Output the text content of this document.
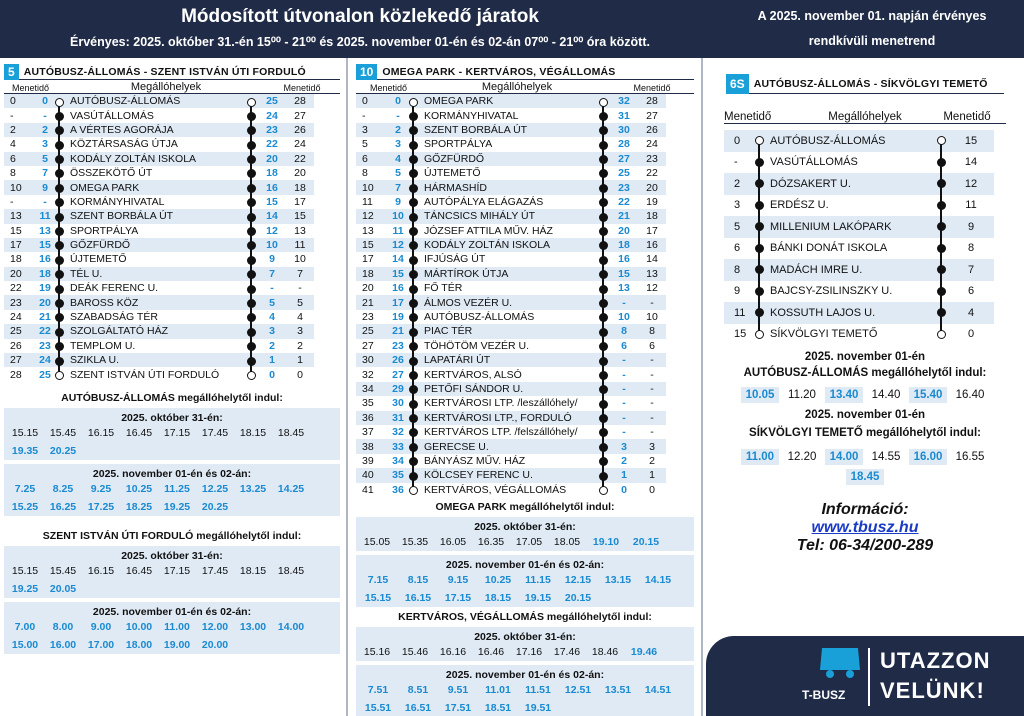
Módosított útvonalon közlekedő járatok
Érvényes: 2025. október 31.-én 15⁰⁰ - 21⁰⁰ és 2025. november 01-én és 02-án 07⁰⁰ - 21⁰⁰ óra között.
A 2025. november 01. napján érvényes
rendkívüli menetrend
5 AUTÓBUSZ-ÁLLOMÁS - SZENT ISTVÁN ÚTI FORDULÓ
Menetidő	Megállóhelyek	Menetidő
0	0		AUTÓBUSZ-ÁLLOMÁS		25	28
-	-		VASÚTÁLLOMÁS		24	27
2	2		A VÉRTES AGORÁJA		23	26
4	3		KÖZTÁRSASÁG ÚTJA		22	24
6	5		KODÁLY ZOLTÁN ISKOLA		20	22
8	7		ÖSSZEKÖTŐ ÚT		18	20
10	9		OMEGA PARK		16	18
-	-		KORMÁNYHIVATAL		15	17
13	11		SZENT BORBÁLA ÚT		14	15
15	13		SPORTPÁLYA		12	13
17	15		GŐZFÜRDŐ		10	11
18	16		ÚJTEMETŐ		9	10
20	18		TÉL U.		7	7
22	19		DEÁK FERENC U.		-	-
23	20		BAROSS KÖZ		5	5
24	21		SZABADSÁG TÉR		4	4
25	22		SZOLGÁLTATÓ HÁZ		3	3
26	23		TEMPLOM U.		2	2
27	24		SZIKLA U.		1	1
28	25		SZENT ISTVÁN ÚTI FORDULÓ		0	0
AUTÓBUSZ-ÁLLOMÁS megállóhelytől indul:
2025. október 31-én:
15.15	15.45	16.15	16.45	17.15	17.45	18.15	18.45
19.35	20.25
2025. november 01-én és 02-án:
7.25	8.25	9.25	10.25	11.25	12.25	13.25	14.25
15.25	16.25	17.25	18.25	19.25	20.25
SZENT ISTVÁN ÚTI FORDULÓ megállóhelytől indul:
2025. október 31-én:
15.15	15.45	16.15	16.45	17.15	17.45	18.15	18.45
19.25	20.05
2025. november 01-én és 02-án:
7.00	8.00	9.00	10.00	11.00	12.00	13.00	14.00
15.00	16.00	17.00	18.00	19.00	20.00
10 OMEGA PARK - KERTVÁROS, VÉGÁLLOMÁS
Menetidő	Megállóhelyek	Menetidő
0	0		OMEGA PARK		32	28
-	-		KORMÁNYHIVATAL		31	27
3	2		SZENT BORBÁLA ÚT		30	26
5	3		SPORTPÁLYA		28	24
6	4		GŐZFÜRDŐ		27	23
8	5		ÚJTEMETŐ		25	22
10	7		HÁRMASHÍD		23	20
11	9		AUTÓPÁLYA ELÁGAZÁS		22	19
12	10		TÁNCSICS MIHÁLY ÚT		21	18
13	11		JÓZSEF ATTILA MŰV. HÁZ		20	17
15	12		KODÁLY ZOLTÁN ISKOLA		18	16
17	14		IFJÚSÁG ÚT		16	14
18	15		MÁRTÍROK ÚTJA		15	13
20	16		FŐ TÉR		13	12
21	17		ÁLMOS VEZÉR U.		-	-
23	19		AUTÓBUSZ-ÁLLOMÁS		10	10
25	21		PIAC TÉR		8	8
27	23		TÖHÖTÖM VEZÉR U.		6	6
30	26		LAPATÁRI ÚT		-	-
32	27		KERTVÁROS, ALSÓ		-	-
34	29		PETŐFI SÁNDOR U.		-	-
35	30		KERTVÁROSI LTP. /leszállóhely/		-	-
36	31		KERTVÁROSI LTP., FORDULÓ		-	-
37	32		KERTVÁROS LTP. /felszállóhely/		-	-
38	33		GERECSE U.		3	3
39	34		BÁNYÁSZ MŰV. HÁZ		2	2
40	35		KÖLCSEY FERENC U.		1	1
41	36		KERTVÁROS, VÉGÁLLOMÁS		0	0
OMEGA PARK megállóhelytől indul:
2025. október 31-én:
15.05	15.35	16.05	16.35	17.05	18.05	19.10	20.15
2025. november 01-én és 02-án:
7.15	8.15	9.15	10.25	11.15	12.15	13.15	14.15
15.15	16.15	17.15	18.15	19.15	20.15
KERTVÁROS, VÉGÁLLOMÁS megállóhelytől indul:
2025. október 31-én:
15.16	15.46	16.16	16.46	17.16	17.46	18.46	19.46
2025. november 01-én és 02-án:
7.51	8.51	9.51	11.01	11.51	12.51	13.51	14.51
15.51	16.51	17.51	18.51	19.51
6S AUTÓBUSZ-ÁLLOMÁS - SÍKVÖLGYI TEMETŐ
Menetidő	Megállóhelyek	Menetidő
0		AUTÓBUSZ-ÁLLOMÁS		15
-		VASÚTÁLLOMÁS		14
2		DÓZSAKERT U.		12
3		ERDÉSZ U.		11
5		MILLENIUM LAKÓPARK		9
6		BÁNKI DONÁT ISKOLA		8
8		MADÁCH IMRE U.		7
9		BAJCSY-ZSILINSZKY U.		6
11		KOSSUTH LAJOS U.		4
15		SÍKVÖLGYI TEMETŐ		0
2025. november 01-én
AUTÓBUSZ-ÁLLOMÁS megállóhelytől indul:
10.05	11.20	13.40	14.40	15.40	16.40
2025. november 01-én
SÍKVÖLGYI TEMETŐ megállóhelytől indul:
11.00	12.20	14.00	14.55	16.00	16.55
18.45
Információ:
www.tbusz.hu
Tel: 06-34/200-289
T-BUSZ
UTAZZON
VELÜNK!
